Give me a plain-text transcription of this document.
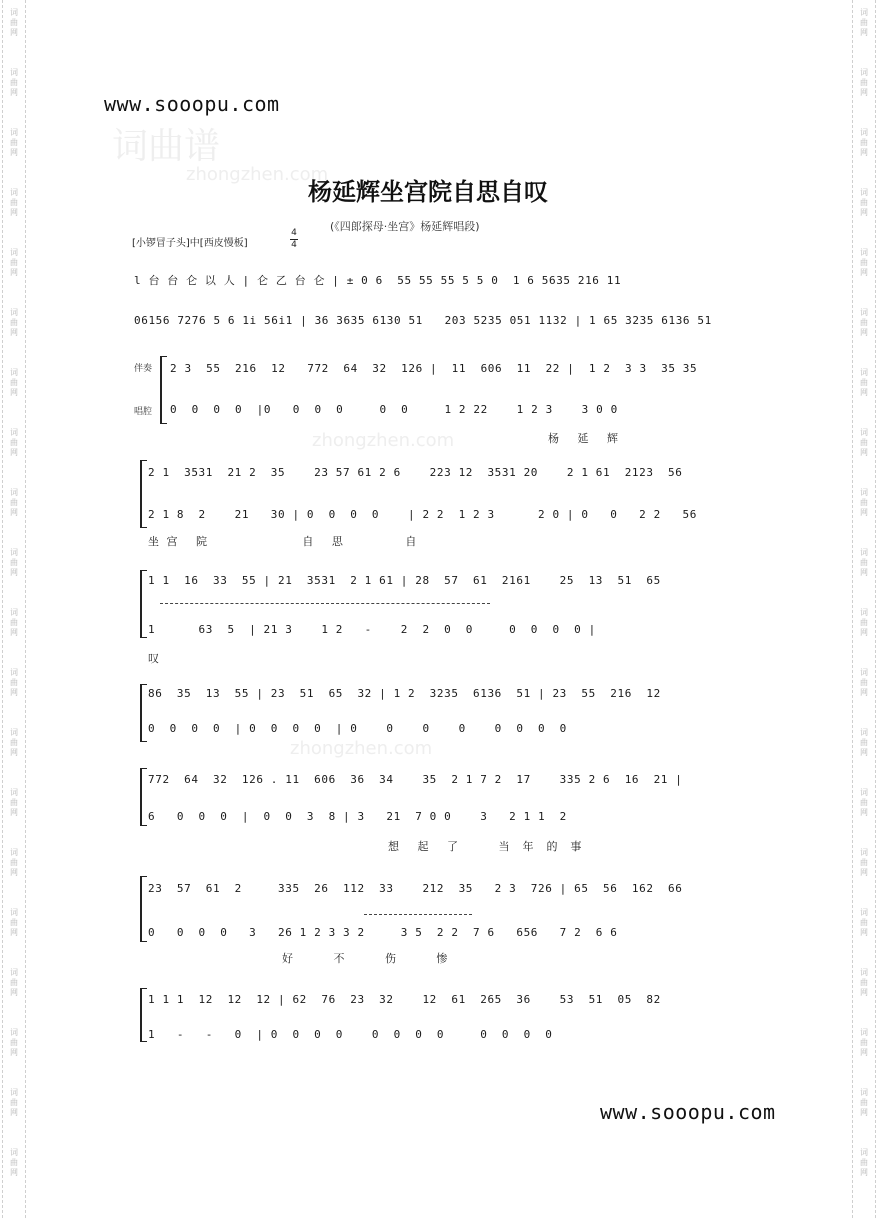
词
曲
网
词
曲
网
词
曲
网
词
曲
网
词
曲
网
词
曲
网
词
曲
网
词
曲
网
词
曲
网
词
曲
网
词
曲
网
词
曲
网
词
曲
网
词
曲
网
词
曲
网
词
曲
网
词
曲
网
词
曲
网
词
曲
网
词
曲
网
词
曲
网
词
曲
网
词
曲
网
词
曲
网
词
曲
网
词
曲
网
词
曲
网
词
曲
网
词
曲
网
词
曲
网
词
曲
网
词
曲
网
词
曲
网
词
曲
网
词
曲
网
词
曲
网
词
曲
网
词
曲
网
词
曲
网
词
曲
网
词曲谱
zhongzhen.com
zhongzhen.com
zhongzhen.com
www.sooopu.com
杨延辉坐宫院自思自叹
(《四郎探母·坐宫》杨延辉唱段)
[小锣冒子头]中[西皮慢板]
4
4
伴奏
唱腔
l 台 台 仑 以 人 | 仑 乙 台 仑 | ± 0 6  55 55 55 5 5 0  1 6 5635 216 11
06156 7276 5 6 1i 56i1 | 36 3635 6130 51   203 5235 051 1132 | 1 65 3235 6136 51
2 3  55  216  12   772  64  32  126 |  11  606  11  22 |  1 2  3 3  35 35
0  0  0  0  |0   0  0  0     0  0     1 2 22    1 2 3    3 0 0
2 1  3531  21 2  35    23 57 61 2 6    223 12  3531 20    2 1 61  2123  56
2 1 8  2    21   30 | 0  0  0  0    | 2 2  1 2 3      2 0 | 0   0   2 2   56
1 1  16  33  55 | 21  3531  2 1 61 | 28  57  61  2161    25  13  51  65
1      63  5  | 21 3    1 2   -    2  2  0  0     0  0  0  0 |
86  35  13  55 | 23  51  65  32 | 1 2  3235  6136  51 | 23  55  216  12
0  0  0  0  | 0  0  0  0  | 0    0    0    0    0  0  0  0
772  64  32  126 . 11  606  36  34    35  2 1 7 2  17    335 2 6  16  21 |
6   0  0  0  |  0  0  3  8 | 3   21  7 0 0    3   2 1 1  2
23  57  61  2     335  26  112  33    212  35   2 3  726 | 65  56  162  66
0   0  0  0   3   26 1 2 3 3 2     3 5  2 2  7 6   656   7 2  6 6
1 1 1  12  12  12 | 62  76  23  32    12  61  265  36    53  51  05  82
1   -   -   0  | 0  0  0  0    0  0  0  0     0  0  0  0
杨   延   辉
坐 宫   院                 自   思           自
叹
想   起   了       当  年  的  事
好       不       伤       惨
www.sooopu.com
